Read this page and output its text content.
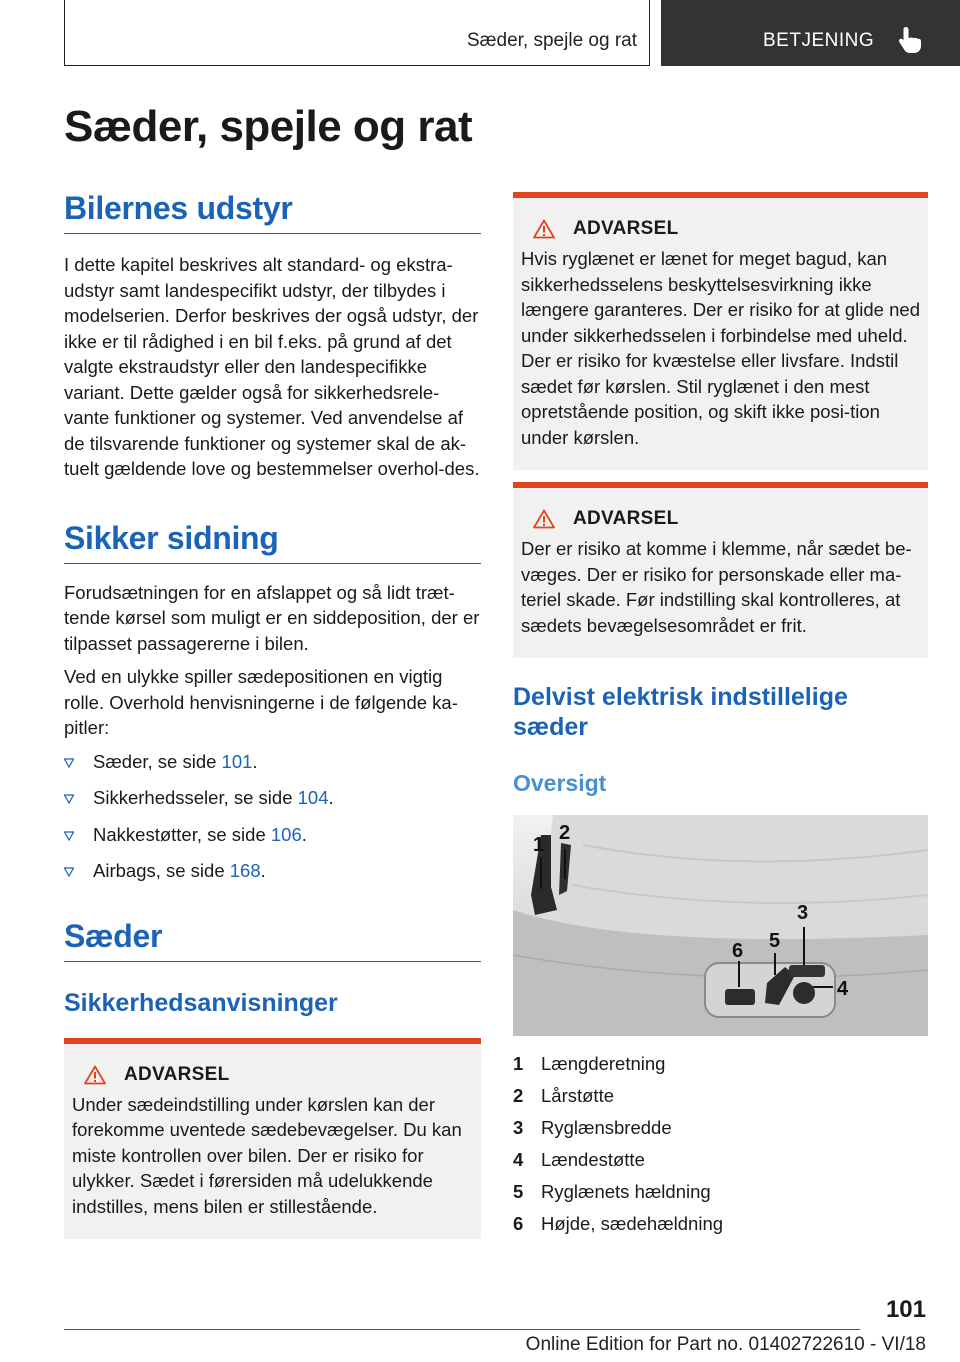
Sæder, spejle og rat	BETJENING
Sæder, spejle og rat
Bilernes udstyr

I dette kapitel beskrives alt standard- og ekstra-udstyr samt landespecifikt udstyr, der tilbydes i modelserien. Derfor beskrives der også udstyr, der ikke er til rådighed i en bil f.eks. på grund af det valgte ekstraudstyr eller den landespecifikke variant. Dette gælder også for sikkerhedsrele-vante funktioner og systemer. Ved anvendelse af de tilsvarende funktioner og systemer skal de ak-tuelt gældende love og bestemmelser overhol-des.

Sikker sidning

Forudsætningen for en afslappet og så lidt træt-tende kørsel som muligt er en siddeposition, der er tilpasset passagererne i bilen.

Ved en ulykke spiller sædepositionen en vigtig rolle. Overhold henvisningerne i de følgende ka-pitler:

Sæder, se side 101.
Sikkerhedsseler, se side 104.
Nakkestøtter, se side 106.
Airbags, se side 168.
Sæder
Sikkerhedsanvisninger
ADVARSEL

Under sædeindstilling under kørslen kan der forekomme uventede sædebevægelser. Du kan miste kontrollen over bilen. Der er risiko for ulykker. Sædet i førersiden må udelukkende indstilles, mens bilen er stillestående.

ADVARSEL

Hvis ryglænet er lænet for meget bagud, kan sikkerhedsselens beskyttelsesvirkning ikke længere garanteres. Der er risiko for at glide ned under sikkerhedsselen i forbindelse med uheld. Der er risiko for kvæstelse eller livsfare. Indstil sædet før kørslen. Stil ryglænet i den mest opretstående position, og skift ikke posi-tion under kørslen.

ADVARSEL

Der er risiko at komme i klemme, når sædet be-væges. Der er risiko for personskade eller ma-teriel skade. Før indstilling skal kontrolleres, at sædets bevægelsesområdet er frit.

Delvist elektrisk indstillelige sæder
Oversigt
1
2
3
4
5
6
1 Længderetning
2 Lårstøtte
3 Ryglænsbredde
4 Lændestøtte
5 Ryglænets hældning
6 Højde, sædehældning
101
Online Edition for Part no. 01402722610 - VI/18
